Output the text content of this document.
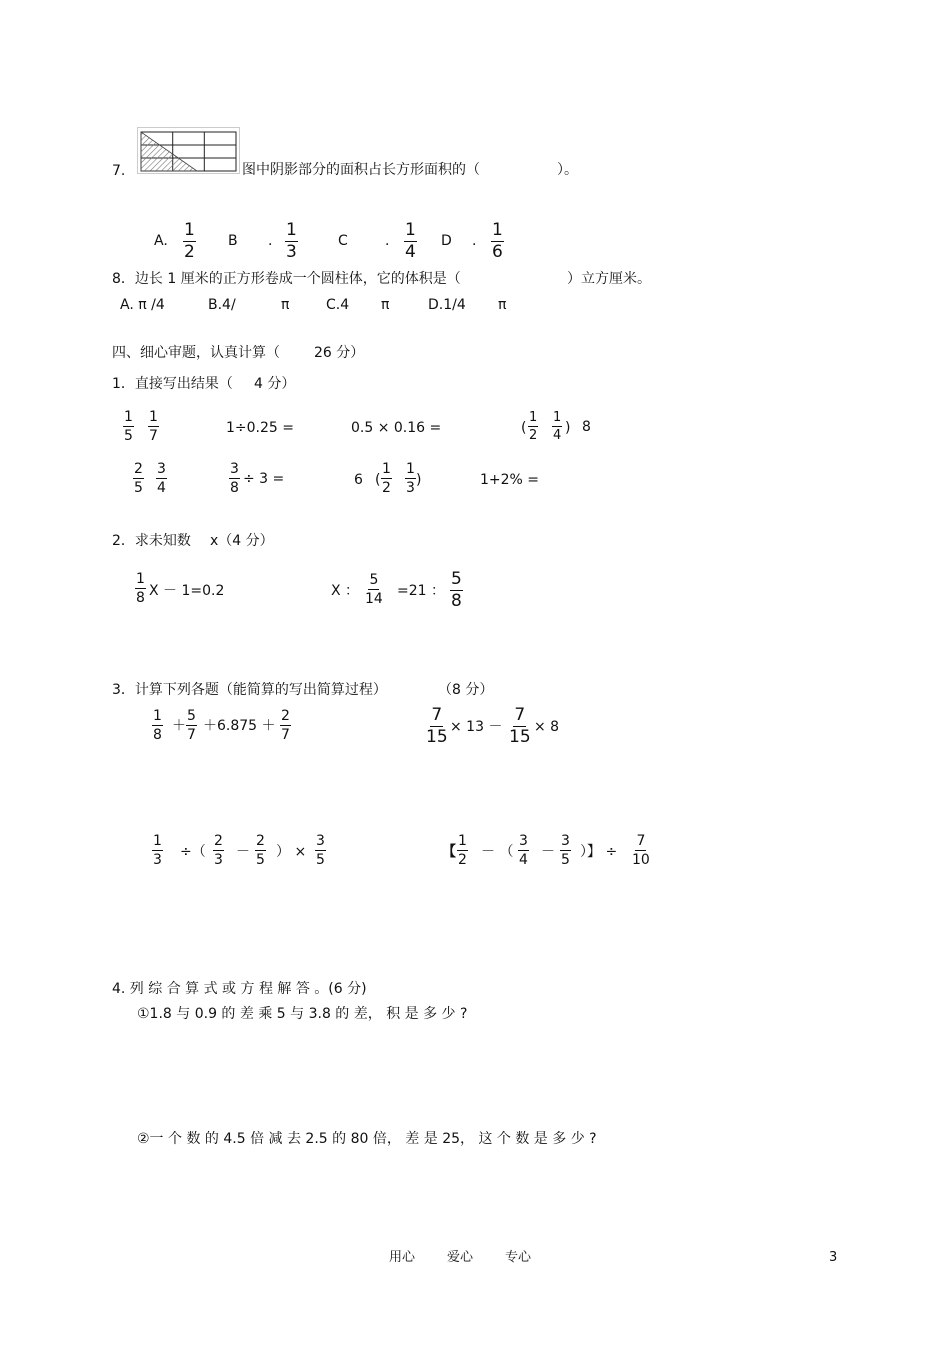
7.	图中阴影部分的面积占长方形面积的（	）。
A. $\frac{1}{2}$ B . $\frac{1}{3}$	C	. $\frac{1}{4}$ D . $\frac{1}{6}$
8．边长 1 厘米的正方形卷成一个圆柱体，它的体积是（	）立方厘米。
A. π /4	B.4/	π	C.4 π	D.1/4 π
四、细心审题，认真计算（ 26 分）
1．直接写出结果（ 4 分）
$\frac{1}{5} \frac{1}{7}$	1÷0.25 =	0.5 × 0.16 =	( $\frac{1}{2} \frac{1}{4}$ ) 8
$\frac{2}{5} \frac{3}{4}$	$\frac{3}{8} \div 3$ =	6 ( $\frac{1}{2} \frac{1}{3}$ )	1+2% =
2．求未知数 x（4 分）
$\frac{1}{8}$ X － 1=0.2	X ： $\frac{5}{14} =21$ ： $\frac{5}{8}$
3．计算下列各题（能简算的写出简算过程）	（8 分）
$\frac{1}{8} + \frac{5}{7} +6.875 + \frac{2}{7}$	$\frac{7}{15} \times 13 - \frac{7}{15} \times 8$
$\frac{1}{3}$ ÷（ $\frac{2}{3} - \frac{2}{5}$ ） × $\frac{3}{5}$	【 $\frac{1}{2}$ － （ $\frac{3}{4} - \frac{3}{5}$ ）】 ÷ $\frac{7}{10}$
4. 列 综 合 算 式 或 方 程 解 答 。(6 分)
①1.8 与 0.9 的 差 乘 5 与 3.8 的 差， 积 是 多 少 ?
②一 个 数 的 4.5 倍 减 去 2.5 的 80 倍， 差 是 25， 这 个 数 是 多 少 ?
用心 爱心 专心	3
